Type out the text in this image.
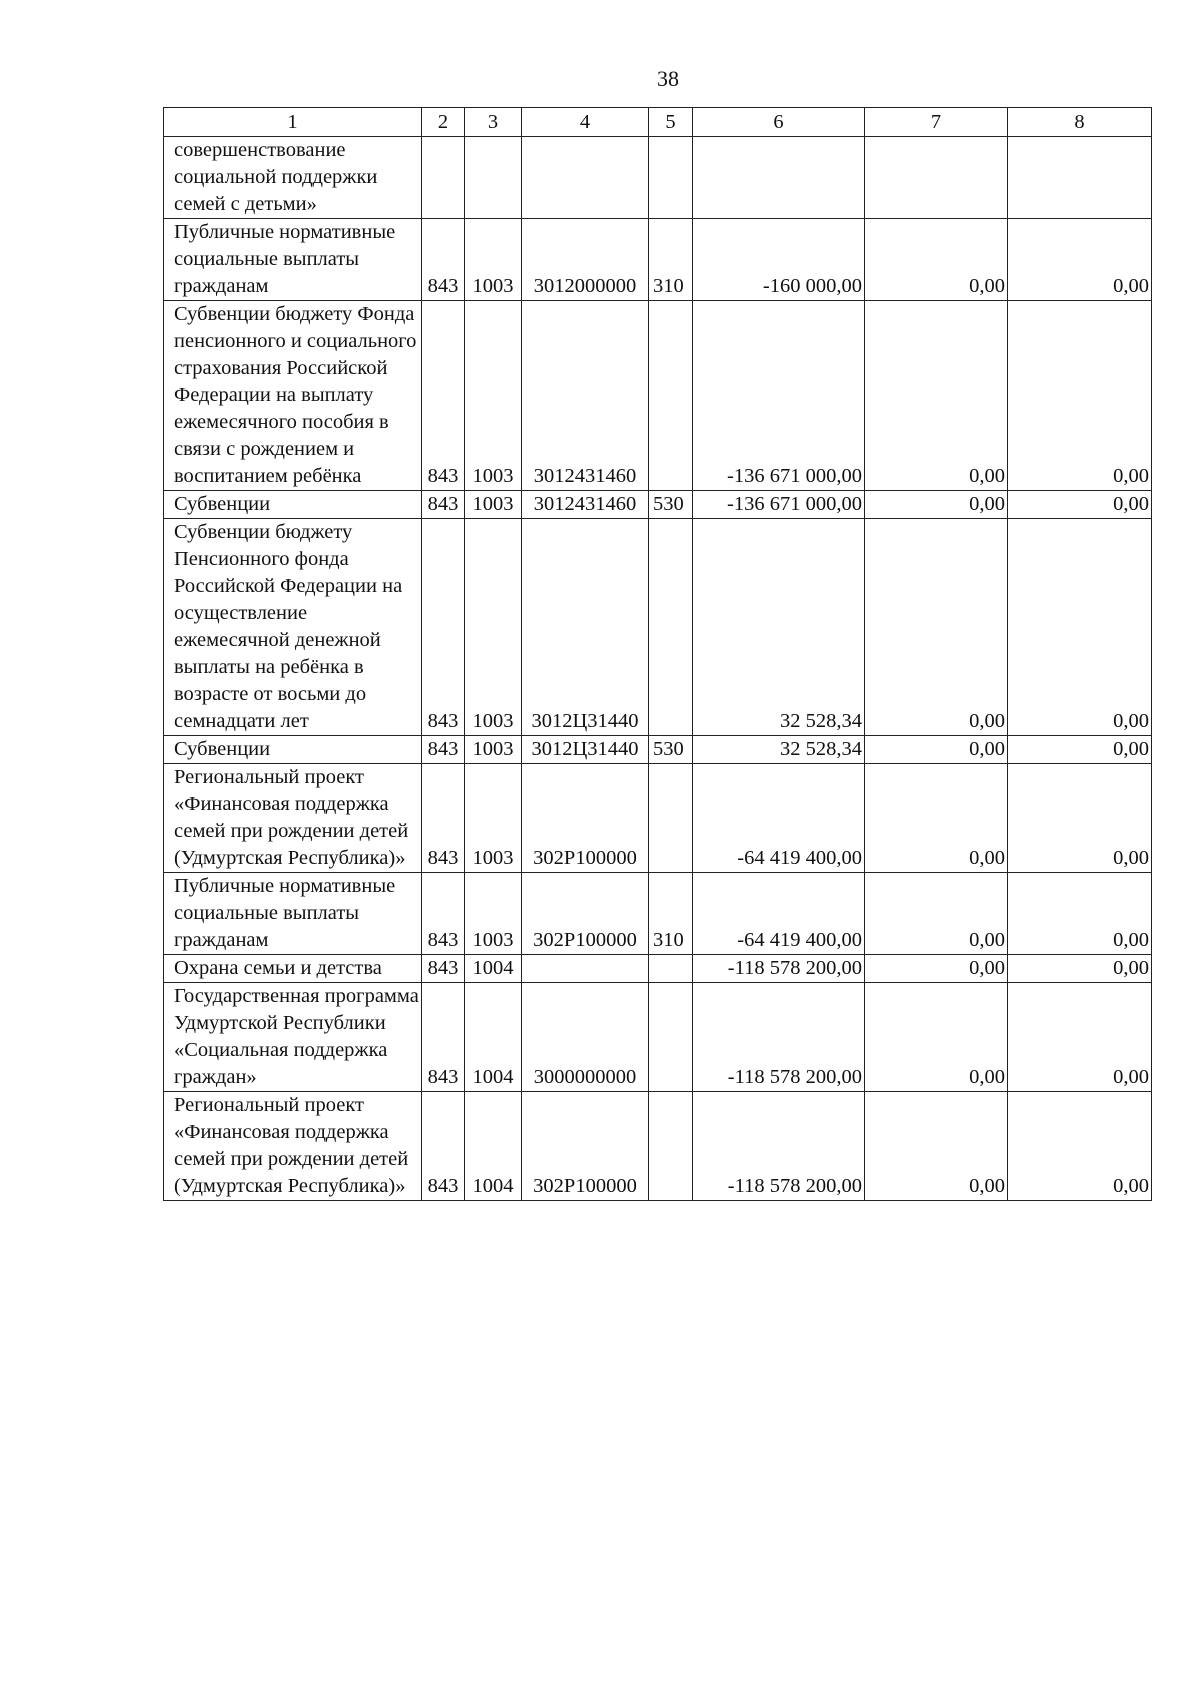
38
1	2	3	4	5	6	7	8
совершенствование социальной поддержки семей с детьми»							
Публичные нормативные социальные выплаты гражданам	843	1003	3012000000	310	-160 000,00	0,00	0,00
Субвенции бюджету Фонда пенсионного и социального страхования Российской Федерации на выплату ежемесячного пособия в связи с рождением и воспитанием ребёнка	843	1003	3012431460		-136 671 000,00	0,00	0,00
Субвенции	843	1003	3012431460	530	-136 671 000,00	0,00	0,00
Субвенции бюджету Пенсионного фонда Российской Федерации на осуществление ежемесячной денежной выплаты на ребёнка в возрасте от восьми до семнадцати лет	843	1003	3012Ц31440		32 528,34	0,00	0,00
Субвенции	843	1003	3012Ц31440	530	32 528,34	0,00	0,00
Региональный проект «Финансовая поддержка семей при рождении детей (Удмуртская Республика)»	843	1003	302P100000		-64 419 400,00	0,00	0,00
Публичные нормативные социальные выплаты гражданам	843	1003	302P100000	310	-64 419 400,00	0,00	0,00
Охрана семьи и детства	843	1004			-118 578 200,00	0,00	0,00
Государственная программа Удмуртской Республики «Социальная поддержка граждан»	843	1004	3000000000		-118 578 200,00	0,00	0,00
Региональный проект «Финансовая поддержка семей при рождении детей (Удмуртская Республика)»	843	1004	302P100000		-118 578 200,00	0,00	0,00
